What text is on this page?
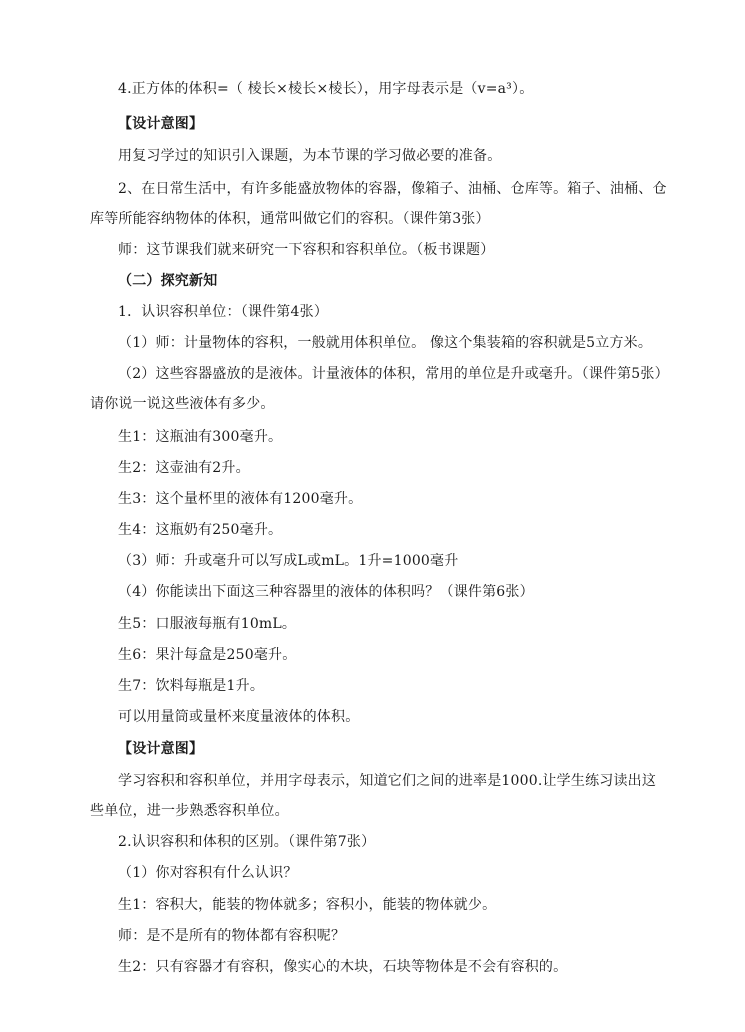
4.正方体的体积=（ 棱长×棱长×棱长），用字母表示是（v=a³）。
【设计意图】
用复习学过的知识引入课题，为本节课的学习做必要的准备。
2、在日常生活中，有许多能盛放物体的容器，像箱子、油桶、仓库等。箱子、油桶、仓
库等所能容纳物体的体积，通常叫做它们的容积。（课件第3张）
师：这节课我们就来研究一下容积和容积单位。（板书课题）
（二）探究新知
1．认识容积单位：（课件第4张）
（1）师：计量物体的容积，一般就用体积单位。 像这个集装箱的容积就是5立方米。
（2）这些容器盛放的是液体。计量液体的体积，常用的单位是升或毫升。（课件第5张）
请你说一说这些液体有多少。
生1：这瓶油有300毫升。
生2：这壶油有2升。
生3：这个量杯里的液体有1200毫升。
生4：这瓶奶有250毫升。
（3）师：升或毫升可以写成L或mL。1升=1000毫升
（4）你能读出下面这三种容器里的液体的体积吗？（课件第6张）
生5：口服液每瓶有10mL。
生6：果汁每盒是250毫升。
生7：饮料每瓶是1升。
可以用量筒或量杯来度量液体的体积。
【设计意图】
学习容积和容积单位，并用字母表示，知道它们之间的进率是1000.让学生练习读出这
些单位，进一步熟悉容积单位。
2.认识容积和体积的区别。（课件第7张）
（1）你对容积有什么认识？
生1：容积大，能装的物体就多；容积小，能装的物体就少。
师：是不是所有的物体都有容积呢？
生2：只有容器才有容积，像实心的木块，石块等物体是不会有容积的。
